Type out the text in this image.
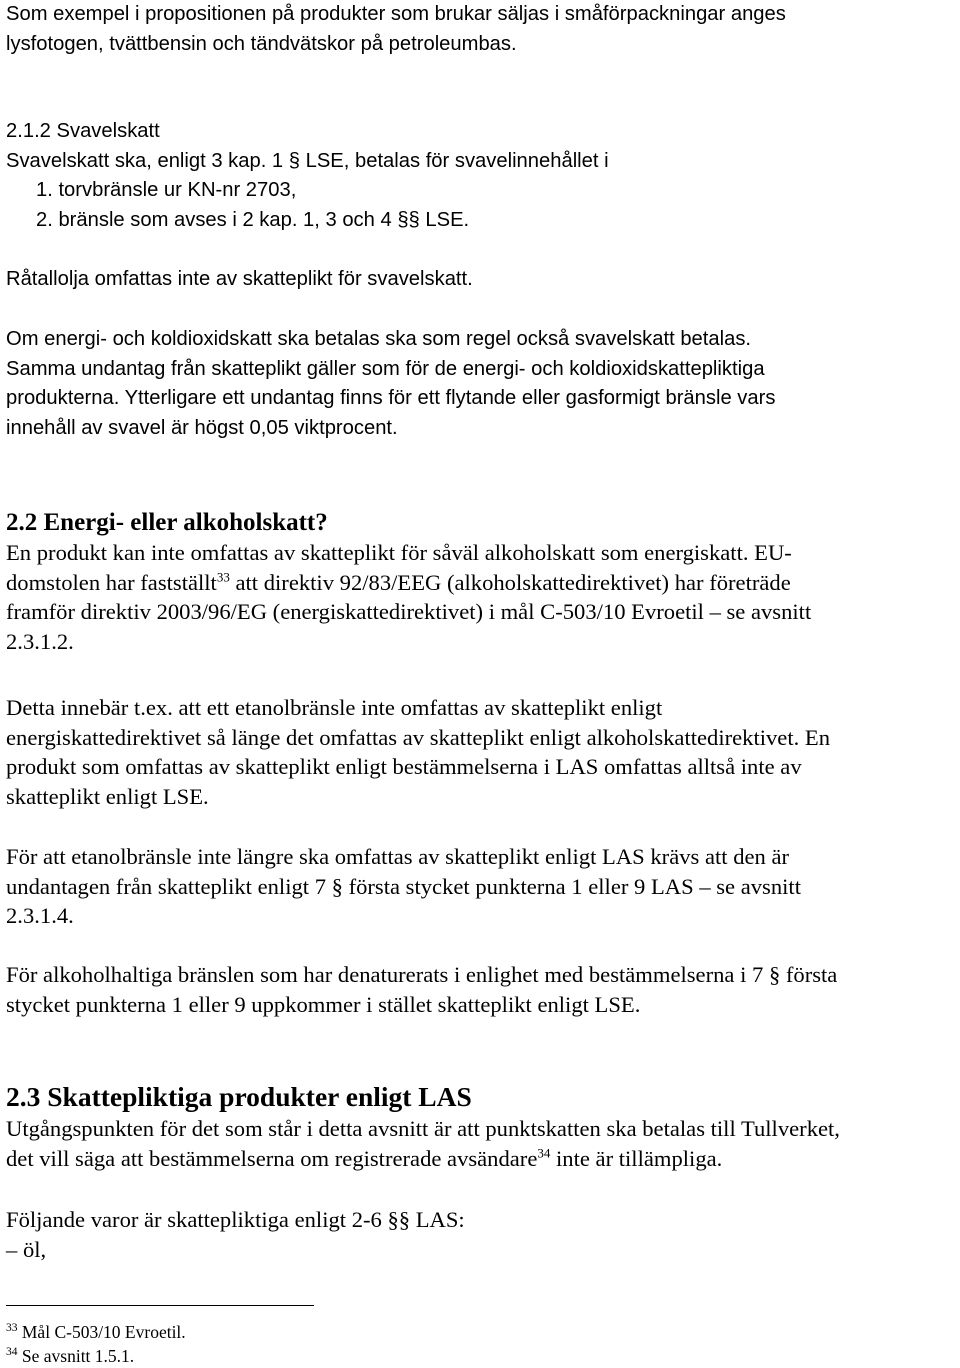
Som exempel i propositionen på produkter som brukar säljas i småförpackningar anges
lysfotogen, tvättbensin och tändvätskor på petroleumbas.
2.1.2 Svavelskatt
Svavelskatt ska, enligt 3 kap. 1 § LSE, betalas för svavelinnehållet i
1. torvbränsle ur KN-nr 2703,
2. bränsle som avses i 2 kap. 1, 3 och 4 §§ LSE.
Råtallolja omfattas inte av skatteplikt för svavelskatt.
Om energi- och koldioxidskatt ska betalas ska som regel också svavelskatt betalas.
Samma undantag från skatteplikt gäller som för de energi- och koldioxidskattepliktiga
produkterna. Ytterligare ett undantag finns för ett flytande eller gasformigt bränsle vars
innehåll av svavel är högst 0,05 viktprocent.
2.2 Energi- eller alkoholskatt?
En produkt kan inte omfattas av skatteplikt för såväl alkoholskatt som energiskatt. EU-
domstolen har fastställt$^{33}$ att direktiv 92/83/EEG (alkoholskattedirektivet) har företräde
framför direktiv 2003/96/EG (energiskattedirektivet) i mål C-503/10 Evroetil – se avsnitt
2.3.1.2.
Detta innebär t.ex. att ett etanolbränsle inte omfattas av skatteplikt enligt
energiskattedirektivet så länge det omfattas av skatteplikt enligt alkoholskattedirektivet. En
produkt som omfattas av skatteplikt enligt bestämmelserna i LAS omfattas alltså inte av
skatteplikt enligt LSE.
För att etanolbränsle inte längre ska omfattas av skatteplikt enligt LAS krävs att den är
undantagen från skatteplikt enligt 7 § första stycket punkterna 1 eller 9 LAS – se avsnitt
2.3.1.4.
För alkoholhaltiga bränslen som har denaturerats i enlighet med bestämmelserna i 7 § första
stycket punkterna 1 eller 9 uppkommer i stället skatteplikt enligt LSE.
2.3 Skattepliktiga produkter enligt LAS
Utgångspunkten för det som står i detta avsnitt är att punktskatten ska betalas till Tullverket,
det vill säga att bestämmelserna om registrerade avsändare$^{34}$ inte är tillämpliga.
Följande varor är skattepliktiga enligt 2-6 §§ LAS:
– öl,
$^{33}$ Mål C-503/10 Evroetil.
$^{34}$ Se avsnitt 1.5.1.
